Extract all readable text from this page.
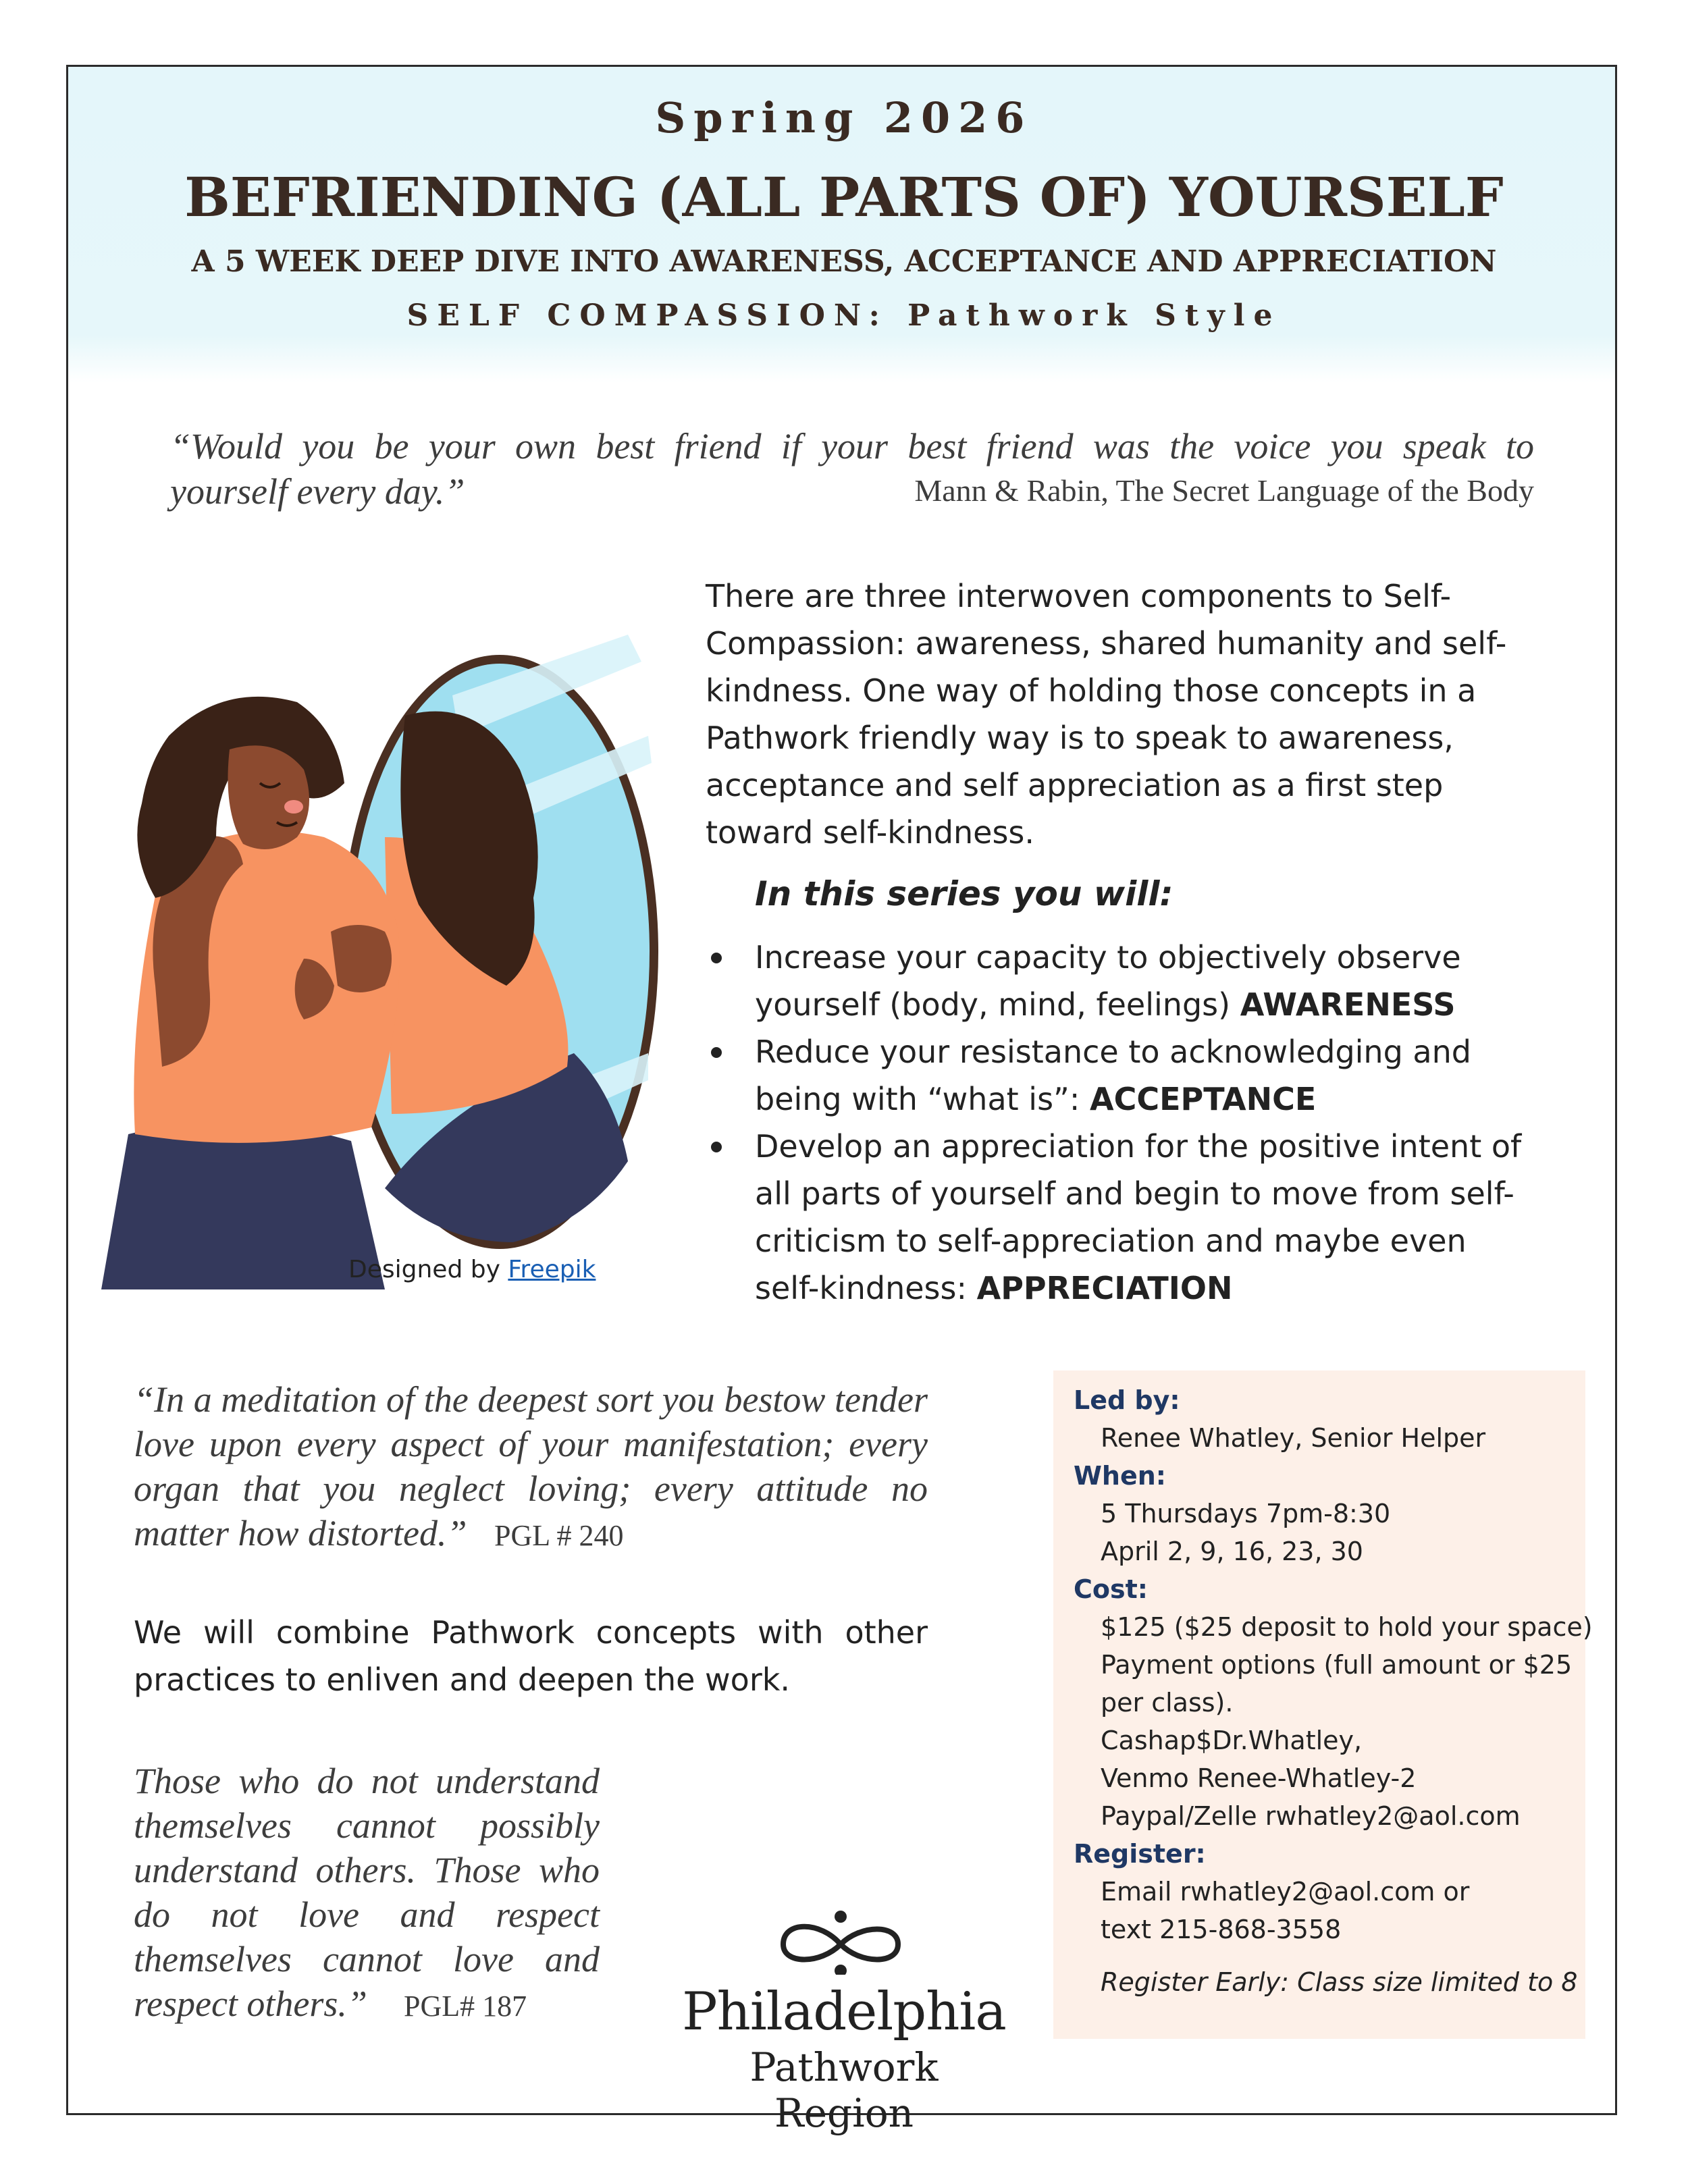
Spring 2026
BEFRIENDING (ALL PARTS OF) YOURSELF
A 5 WEEK DEEP DIVE INTO AWARENESS, ACCEPTANCE AND APPRECIATION
SELF COMPASSION: Pathwork Style
“Would you be your own best friend if your best friend was the voice you speak to
yourself every day.”	Mann & Rabin, The Secret Language of the Body
Designed by Freepik
There are three interwoven components to Self-Compassion: awareness, shared humanity and self-kindness. One way of holding those concepts in a Pathwork friendly way is to speak to awareness, acceptance and self appreciation as a first step toward self-kindness.
In this series you will:
Increase your capacity to objectively observe yourself (body, mind, feelings) AWARENESS
Reduce your resistance to acknowledging and being with “what is”: ACCEPTANCE
Develop an appreciation for the positive intent of all parts of yourself and begin to move from self-criticism to self-appreciation and maybe even self-kindness: APPRECIATION
“In a meditation of the deepest sort you bestow tender love upon every aspect of your manifestation; every organ that you neglect loving; every attitude no matter how distorted.” PGL # 240
We will combine Pathwork concepts with other practices to enliven and deepen the work.
Those who do not understand themselves cannot possibly understand others. Those who do not love and respect themselves cannot love and respect others.” PGL# 187	Philadelphia
Pathwork Region
Led by:
Renee Whatley, Senior Helper
When:
5 Thursdays 7pm-8:30
April 2, 9, 16, 23, 30
Cost:
$125 ($25 deposit to hold your space)
Payment options (full amount or $25
per class).
Cashap$Dr.Whatley,
Venmo Renee-Whatley-2
Paypal/Zelle rwhatley2@aol.com
Register:
Email rwhatley2@aol.com or
text 215-868-3558
Register Early: Class size limited to 8
